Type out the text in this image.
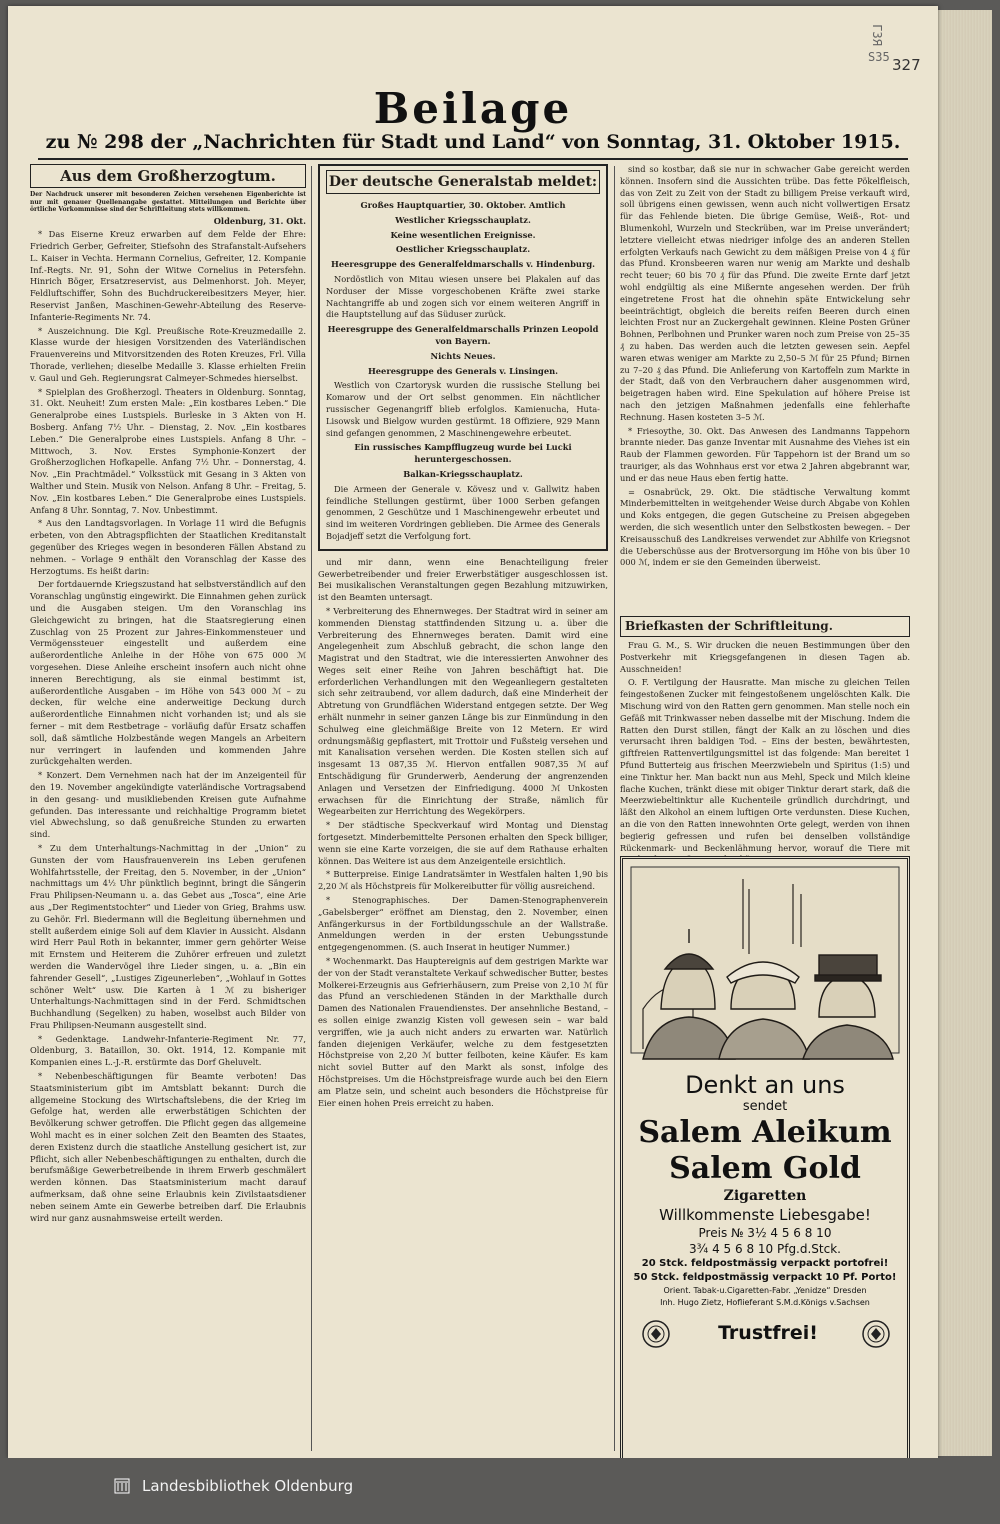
ГЗЯ
S35 327
Beilage
zu № 298 der „Nachrichten für Stadt und Land“ von Sonntag, 31. Oktober 1915.
Aus dem Großherzogtum.
Der Nachdruck unserer mit besonderen Zeichen versehenen Eigenberichte ist nur mit genauer Quellenangabe gestattet. Mitteilungen und Berichte über örtliche Vorkommnisse sind der Schriftleitung stets willkommen.
Oldenburg, 31. Okt.

* Das Eiserne Kreuz erwarben auf dem Felde der Ehre: Friedrich Gerber, Gefreiter, Stiefsohn des Strafanstalt-Aufsehers L. Kaiser in Vechta. Hermann Cornelius, Gefreiter, 12. Kompanie Inf.-Regts. Nr. 91, Sohn der Witwe Cornelius in Petersfehn. Hinrich Böger, Ersatzreservist, aus Delmenhorst. Joh. Meyer, Feldluftschiffer, Sohn des Buchdruckereibesitzers Meyer, hier. Reservist Janßen, Maschinen-Gewehr-Abteilung des Reserve-Infanterie-Regiments Nr. 74.

* Auszeichnung. Die Kgl. Preußische Rote-Kreuzmedaille 2. Klasse wurde der hiesigen Vorsitzenden des Vaterländischen Frauenvereins und Mitvorsitzenden des Roten Kreuzes, Frl. Villa Thorade, verliehen; dieselbe Medaille 3. Klasse erhielten Freiin v. Gaul und Geh. Regierungsrat Calmeyer-Schmedes hierselbst.

* Spielplan des Großherzogl. Theaters in Oldenburg. Sonntag, 31. Okt. Neuheit! Zum ersten Male: „Ein kostbares Leben.“ Die Generalprobe eines Lustspiels. Burleske in 3 Akten von H. Bosberg. Anfang 7½ Uhr. – Dienstag, 2. Nov. „Ein kostbares Leben.“ Die Generalprobe eines Lustspiels. Anfang 8 Uhr. – Mittwoch, 3. Nov. Erstes Symphonie-Konzert der Großherzoglichen Hofkapelle. Anfang 7½ Uhr. – Donnerstag, 4. Nov. „Ein Prachtmädel.“ Volksstück mit Gesang in 3 Akten von Walther und Stein. Musik von Nelson. Anfang 8 Uhr. – Freitag, 5. Nov. „Ein kostbares Leben.“ Die Generalprobe eines Lustspiels. Anfang 8 Uhr. Sonntag, 7. Nov. Unbestimmt.

* Aus den Landtagsvorlagen. In Vorlage 11 wird die Befugnis erbeten, von den Abtragspflichten der Staatlichen Kreditanstalt gegenüber des Krieges wegen in besonderen Fällen Abstand zu nehmen. – Vorlage 9 enthält den Voranschlag der Kasse des Herzogtums. Es heißt darin:

Der fortdauernde Kriegszustand hat selbstverständlich auf den Voranschlag ungünstig eingewirkt. Die Einnahmen gehen zurück und die Ausgaben steigen. Um den Voranschlag ins Gleichgewicht zu bringen, hat die Staatsregierung einen Zuschlag von 25 Prozent zur Jahres-Einkommensteuer und Vermögenssteuer eingestellt und außerdem eine außerordentliche Anleihe in der Höhe von 675 000 ℳ vorgesehen. Diese Anleihe erscheint insofern auch nicht ohne inneren Berechtigung, als sie einmal bestimmt ist, außerordentliche Ausgaben – im Höhe von 543 000 ℳ – zu decken, für welche eine anderweitige Deckung durch außerordentliche Einnahmen nicht vorhanden ist; und als sie ferner – mit dem Restbetrage – vorläufig dafür Ersatz schaffen soll, daß sämtliche Holzbestände wegen Mangels an Arbeitern nur verringert in laufenden und kommenden Jahre zurückgehalten werden.

* Konzert. Dem Vernehmen nach hat der im Anzeigenteil für den 19. November angekündigte vaterländische Vortragsabend in den gesang- und musikliebenden Kreisen gute Aufnahme gefunden. Das interessante und reichhaltige Programm bietet viel Abwechslung, so daß genußreiche Stunden zu erwarten sind.

* Zu dem Unterhaltungs-Nachmittag in der „Union“ zu Gunsten der vom Hausfrauenverein ins Leben gerufenen Wohlfahrtsstelle, der Freitag, den 5. November, in der „Union“ nachmittags um 4½ Uhr pünktlich beginnt, bringt die Sängerin Frau Philipsen-Neumann u. a. das Gebet aus „Tosca“, eine Arie aus „Der Regimentstochter“ und Lieder von Grieg, Brahms usw. zu Gehör. Frl. Biedermann will die Begleitung übernehmen und stellt außerdem einige Soli auf dem Klavier in Aussicht. Alsdann wird Herr Paul Roth in bekannter, immer gern gehörter Weise mit Ernstem und Heiterem die Zuhörer erfreuen und zuletzt werden die Wandervögel ihre Lieder singen, u. a. „Bin ein fahrender Gesell“, „Lustiges Zigeunerleben“, „Wohlauf in Gottes schöner Welt“ usw. Die Karten à 1 ℳ zu bisheriger Unterhaltungs-Nachmittagen sind in der Ferd. Schmidtschen Buchhandlung (Segelken) zu haben, woselbst auch Bilder von Frau Philipsen-Neumann ausgestellt sind.

* Gedenktage. Landwehr-Infanterie-Regiment Nr. 77, Oldenburg, 3. Bataillon, 30. Okt. 1914, 12. Kompanie mit Kompanien eines L.-J.-R. erstürmte das Dorf Gheluvelt.

* Nebenbeschäftigungen für Beamte verboten! Das Staatsministerium gibt im Amtsblatt bekannt: Durch die allgemeine Stockung des Wirtschaftslebens, die der Krieg im Gefolge hat, werden alle erwerbstätigen Schichten der Bevölkerung schwer getroffen. Die Pflicht gegen das allgemeine Wohl macht es in einer solchen Zeit den Beamten des Staates, deren Existenz durch die staatliche Anstellung gesichert ist, zur Pflicht, sich aller Nebenbeschäftigungen zu enthalten, durch die berufsmäßige Gewerbetreibende in ihrem Erwerb geschmälert werden können. Das Staatsministerium macht darauf aufmerksam, daß ohne seine Erlaubnis kein Zivilstaatsdiener neben seinem Amte ein Gewerbe betreiben darf. Die Erlaubnis wird nur ganz ausnahmsweise erteilt werden.

Der deutsche Generalstab meldet:

Großes Hauptquartier, 30. Oktober. Amtlich

Westlicher Kriegsschauplatz.

Keine wesentlichen Ereignisse.

Oestlicher Kriegsschauplatz.

Heeresgruppe des Generalfeldmarschalls v. Hindenburg.

Nordöstlich von Mitau wiesen unsere bei Plakalen auf das Norduser der Misse vorgeschobenen Kräfte zwei starke Nachtangriffe ab und zogen sich vor einem weiteren Angriff in die Hauptstellung auf das Süduser zurück.

Heeresgruppe des Generalfeldmarschalls Prinzen Leopold von Bayern.

Nichts Neues.

Heeresgruppe des Generals v. Linsingen.

Westlich von Czartorysk wurden die russische Stellung bei Komarow und der Ort selbst genommen. Ein nächtlicher russischer Gegenangriff blieb erfolglos. Kamienucha, Huta-Lisowsk und Bielgow wurden gestürmt. 18 Offiziere, 929 Mann sind gefangen genommen, 2 Maschinengewehre erbeutet.

Ein russisches Kampfflugzeug wurde bei Lucki heruntergeschossen.

Balkan-Kriegsschauplatz.

Die Armeen der Generale v. Kövesz und v. Gallwitz haben feindliche Stellungen gestürmt, über 1000 Serben gefangen genommen, 2 Geschütze und 1 Maschinengewehr erbeutet und sind im weiteren Vordringen geblieben. Die Armee des Generals Bojadjeff setzt die Verfolgung fort.

und mir dann, wenn eine Benachteiligung freier Gewerbetreibender und freier Erwerbstätiger ausgeschlossen ist. Bei musikalischen Veranstaltungen gegen Bezahlung mitzuwirken, ist den Beamten untersagt.

* Verbreiterung des Ehnernweges. Der Stadtrat wird in seiner am kommenden Dienstag stattfindenden Sitzung u. a. über die Verbreiterung des Ehnernweges beraten. Damit wird eine Angelegenheit zum Abschluß gebracht, die schon lange den Magistrat und den Stadtrat, wie die interessierten Anwohner des Weges seit einer Reihe von Jahren beschäftigt hat. Die erforderlichen Verhandlungen mit den Wegeanliegern gestalteten sich sehr zeitraubend, vor allem dadurch, daß eine Minderheit der Abtretung von Grundflächen Widerstand entgegen setzte. Der Weg erhält nunmehr in seiner ganzen Länge bis zur Einmündung in den Schulweg eine gleichmäßige Breite von 12 Metern. Er wird ordnungsmäßig gepflastert, mit Trottoir und Fußsteig versehen und mit Kanalisation versehen werden. Die Kosten stellen sich auf insgesamt 13 087,35 ℳ. Hiervon entfallen 9087,35 ℳ auf Entschädigung für Grunderwerb, Aenderung der angrenzenden Anlagen und Versetzen der Einfriedigung. 4000 ℳ Unkosten erwachsen für die Einrichtung der Straße, nämlich für Wegearbeiten zur Herrichtung des Wegekörpers.

* Der städtische Speckverkauf wird Montag und Dienstag fortgesetzt. Minderbemittelte Personen erhalten den Speck billiger, wenn sie eine Karte vorzeigen, die sie auf dem Rathause erhalten können. Das Weitere ist aus dem Anzeigenteile ersichtlich.

* Butterpreise. Einige Landratsämter in Westfalen halten 1,90 bis 2,20 ℳ als Höchstpreis für Molkereibutter für völlig ausreichend.

* Stenographisches. Der Damen-Stenographenverein „Gabelsberger“ eröffnet am Dienstag, den 2. November, einen Anfängerkursus in der Fortbildungsschule an der Wallstraße. Anmeldungen werden in der ersten Uebungsstunde entgegengenommen. (S. auch Inserat in heutiger Nummer.)

* Wochenmarkt. Das Hauptereignis auf dem gestrigen Markte war der von der Stadt veranstaltete Verkauf schwedischer Butter, bestes Molkerei-Erzeugnis aus Gefrierhäusern, zum Preise von 2,10 ℳ für das Pfund an verschiedenen Ständen in der Markthalle durch Damen des Nationalen Frauendienstes. Der ansehnliche Bestand, – es sollen einige zwanzig Kisten voll gewesen sein – war bald vergriffen, wie ja auch nicht anders zu erwarten war. Natürlich fanden diejenigen Verkäufer, welche zu dem festgesetzten Höchstpreise von 2,20 ℳ butter feilboten, keine Käufer. Es kam nicht soviel Butter auf den Markt als sonst, infolge des Höchstpreises. Um die Höchstpreisfrage wurde auch bei den Eiern am Platze sein, und scheint auch besonders die Höchstpreise für Eier einen hohen Preis erreicht zu haben.

sind so kostbar, daß sie nur in schwacher Gabe gereicht werden können. Insofern sind die Aussichten trübe. Das fette Pökelfleisch, das von Zeit zu Zeit von der Stadt zu billigem Preise verkauft wird, soll übrigens einen gewissen, wenn auch nicht vollwertigen Ersatz für das Fehlende bieten. Die übrige Gemüse, Weiß-, Rot- und Blumenkohl, Wurzeln und Steckrüben, war im Preise unverändert; letztere vielleicht etwas niedriger infolge des an anderen Stellen erfolgten Verkaufs nach Gewicht zu dem mäßigen Preise von 4 ₰ für das Pfund. Kronsbeeren waren nur wenig am Markte und deshalb recht teuer; 60 bis 70 ₰ für das Pfund. Die zweite Ernte darf jetzt wohl endgültig als eine Mißernte angesehen werden. Der früh eingetretene Frost hat die ohnehin späte Entwickelung sehr beeinträchtigt, obgleich die bereits reifen Beeren durch einen leichten Frost nur an Zuckergehalt gewinnen. Kleine Posten Grüner Bohnen, Perlbohnen und Prunker waren noch zum Preise von 25–35 ₰ zu haben. Das werden auch die letzten gewesen sein. Aepfel waren etwas weniger am Markte zu 2,50–5 ℳ für 25 Pfund; Birnen zu 7–20 ₰ das Pfund. Die Anlieferung von Kartoffeln zum Markte in der Stadt, daß von den Verbrauchern daher ausgenommen wird, beigetragen haben wird. Eine Spekulation auf höhere Preise ist nach den jetzigen Maßnahmen jedenfalls eine fehlerhafte Rechnung. Hasen kosteten 3–5 ℳ.

* Friesoythe, 30. Okt. Das Anwesen des Landmanns Tappehorn brannte nieder. Das ganze Inventar mit Ausnahme des Viehes ist ein Raub der Flammen geworden. Für Tappehorn ist der Brand um so trauriger, als das Wohnhaus erst vor etwa 2 Jahren abgebrannt war, und er das neue Haus eben fertig hatte.

= Osnabrück, 29. Okt. Die städtische Verwaltung kommt Minderbemittelten in weitgehender Weise durch Abgabe von Kohlen und Koks entgegen, die gegen Gutscheine zu Preisen abgegeben werden, die sich wesentlich unter den Selbstkosten bewegen. – Der Kreisausschuß des Landkreises verwendet zur Abhilfe von Kriegsnot die Ueberschüsse aus der Brotversorgung im Höhe von bis über 10 000 ℳ, indem er sie den Gemeinden überweist.

Briefkasten der Schriftleitung.

Frau G. M., S. Wir drucken die neuen Bestimmungen über den Postverkehr mit Kriegsgefangenen in diesen Tagen ab. Ausschneiden!

O. F. Vertilgung der Hausratte. Man mische zu gleichen Teilen feingestoßenen Zucker mit feingestoßenem ungelöschten Kalk. Die Mischung wird von den Ratten gern genommen. Man stelle noch ein Gefäß mit Trinkwasser neben dasselbe mit der Mischung. Indem die Ratten den Durst stillen, fängt der Kalk an zu löschen und dies verursacht ihren baldigen Tod. – Eins der besten, bewährtesten, giftfreien Rattenvertilgungsmittel ist das folgende: Man bereitet 1 Pfund Butterteig aus frischen Meerzwiebeln und Spiritus (1:5) und eine Tinktur her. Man backt nun aus Mehl, Speck und Milch kleine flache Kuchen, tränkt diese mit obiger Tinktur derart stark, daß die Meerzwiebeltinktur alle Kuchenteile gründlich durchdringt, und läßt den Alkohol an einem luftigen Orte verdunsten. Diese Kuchen, an die von den Ratten innewohnten Orte gelegt, werden von ihnen begierig gefressen und rufen bei denselben vollständige Rückenmark- und Beckenlähmung hervor, worauf die Tiere mit

Denkt an uns
sendet
Salem Aleikum
Salem Gold
Zigaretten
Willkommenste Liebesgabe!
Preis № 3½ 4 5 6 8 10
3¾ 4 5 6 8 10 Pfg.d.Stck.
20 Stck. feldpostmässig verpackt portofrei!
50 Stck. feldpostmässig verpackt 10 Pf. Porto!
Orient. Tabak-u.Cigaretten-Fabr. „Yenidze“ Dresden
Inh. Hugo Zietz, Hoflieferant S.M.d.Königs v.Sachsen
Trustfrei!
Landesbibliothek Oldenburg
